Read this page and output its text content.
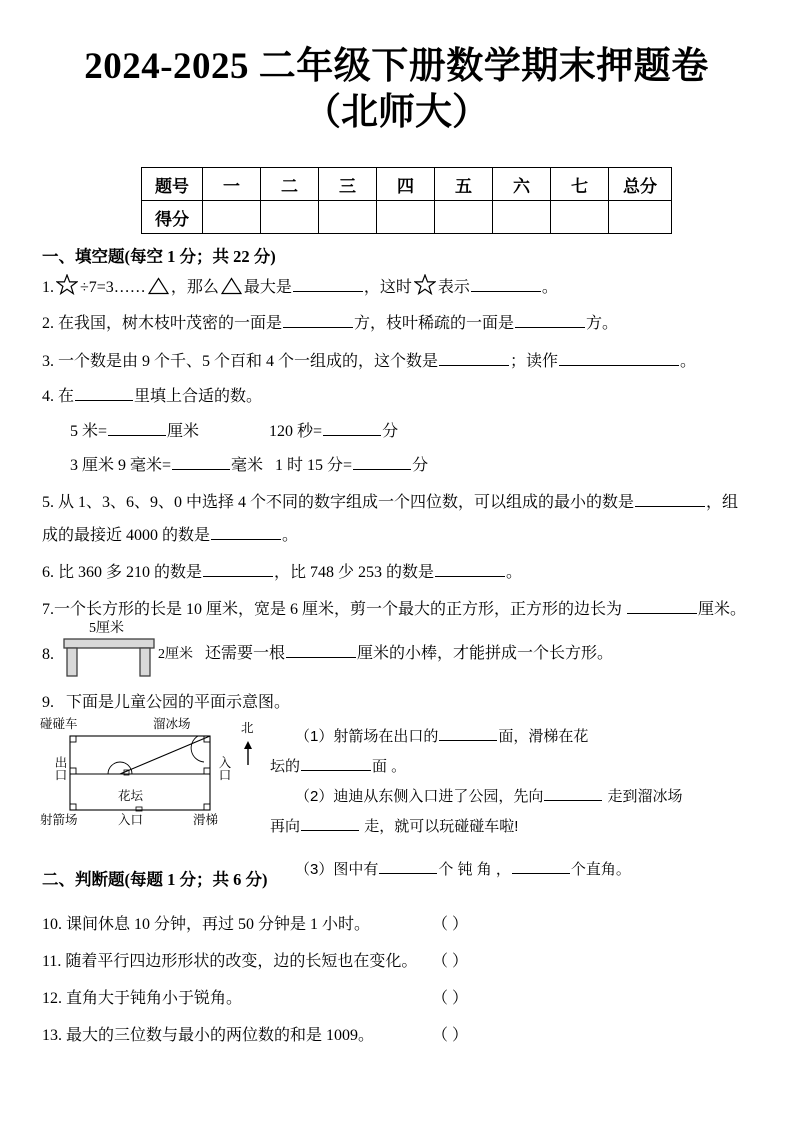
2024-2025 二年级下册数学期末押题卷
（北师大）
题号	一	二	三	四	五	六	七	总分
得分								
一、填空题(每空 1 分；共 22 分)
1. ÷7=3…… ，那么 最大是	，这时 表示	。
2. 在我国，树木枝叶茂密的一面是	方，枝叶稀疏的一面是	方。
3. 一个数是由 9 个千、5 个百和 4 个一组成的，这个数是	；读作	。
4. 在	里填上合适的数。
5 米=	厘米	120 秒=	分
3 厘米 9 毫米=	毫米 1 时 15 分=	分
5. 从 1、3、6、9、0 中选择 4 个不同的数字组成一个四位数，可以组成的最小的数是	，组
成的最接近 4000 的数是	。
6. 比 360 多 210 的数是	，比 748 少 253 的数是	。
7.一个长方形的长是 10 厘米，宽是 6 厘米，剪一个最大的正方形，正方形的边长为	厘米。
8.
5厘米
2厘米 还需要一根	厘米的小棒，才能拼成一个长方形。
9. 下面是儿童公园的平面示意图。
碰碰车	溜冰场
出口	入口
花坛
射箭场	入口	滑梯
北	（1）射箭场在出口的	面，滑梯在花
坛的	面 。
（2）迪迪从东侧入口进了公园，先向	走到溜冰场
再向	走，就可以玩碰碰车啦!
（3）图中有	个 钝 角 ，	个直角。
二、判断题(每题 1 分；共 6 分)
10. 课间休息 10 分钟，再过 50 分钟是 1 小时。	（ ）
11. 随着平行四边形形状的改变，边的长短也在变化。 （ ）
12. 直角大于钝角小于锐角。	（ ）
13. 最大的三位数与最小的两位数的和是 1009。	（ ）
